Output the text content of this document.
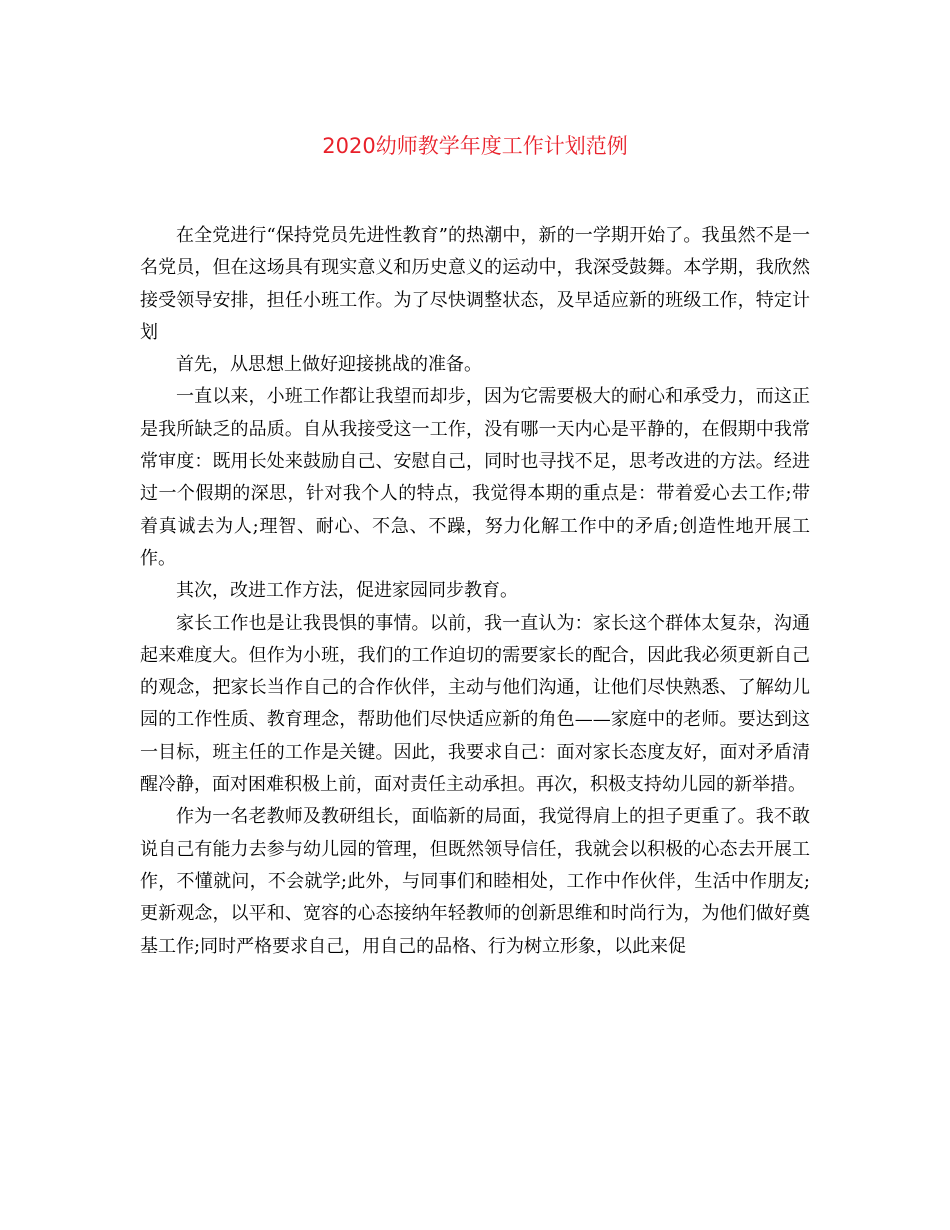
2020幼师教学年度工作计划范例

在全党进行“保持党员先进性教育”的热潮中，新的一学期开始了。我虽然不是一名党员，但在这场具有现实意义和历史意义的运动中，我深受鼓舞。本学期，我欣然接受领导安排，担任小班工作。为了尽快调整状态，及早适应新的班级工作，特定计划

首先，从思想上做好迎接挑战的准备。

一直以来，小班工作都让我望而却步，因为它需要极大的耐心和承受力，而这正是我所缺乏的品质。自从我接受这一工作，没有哪一天内心是平静的，在假期中我常常审度：既用长处来鼓励自己、安慰自己，同时也寻找不足，思考改进的方法。经进过一个假期的深思，针对我个人的特点，我觉得本期的重点是：带着爱心去工作;带着真诚去为人;理智、耐心、不急、不躁，努力化解工作中的矛盾;创造性地开展工作。

其次，改进工作方法，促进家园同步教育。

家长工作也是让我畏惧的事情。以前，我一直认为：家长这个群体太复杂，沟通起来难度大。但作为小班，我们的工作迫切的需要家长的配合，因此我必须更新自己的观念，把家长当作自己的合作伙伴，主动与他们沟通，让他们尽快熟悉、了解幼儿园的工作性质、教育理念，帮助他们尽快适应新的角色——家庭中的老师。要达到这一目标，班主任的工作是关键。因此，我要求自己：面对家长态度友好，面对矛盾清醒冷静，面对困难积极上前，面对责任主动承担。再次，积极支持幼儿园的新举措。

作为一名老教师及教研组长，面临新的局面，我觉得肩上的担子更重了。我不敢说自己有能力去参与幼儿园的管理，但既然领导信任，我就会以积极的心态去开展工作，不懂就问，不会就学;此外，与同事们和睦相处，工作中作伙伴，生活中作朋友;更新观念，以平和、宽容的心态接纳年轻教师的创新思维和时尚行为，为他们做好奠基工作;同时严格要求自己，用自己的品格、行为树立形象，以此来促
